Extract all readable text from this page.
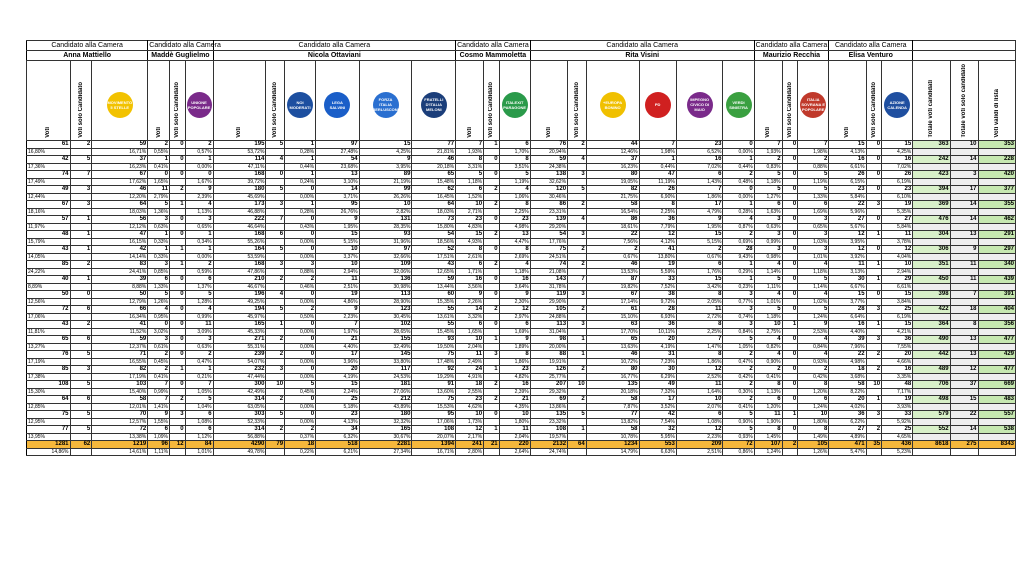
Candidato alla Camera			Candidato alla Camera			Candidato alla Camera						Candidato alla Camera			Candidato alla Camera						Candidato alla Camera			Candidato alla Camera					
Anna Mattiello			Maddè Guglielmo			Nicola Ottaviani						Cosmo Mammoletta			Rita Visini						Maurizio Recchia			Elisa Venturo					
Voti	Voti solo Candidato	MOVIMENTO 5 STELLE	Voti	Voti solo Candidato	UNIONE POPOLARE	Voti	Voti solo Candidato	NOI MODERATI	LEGA SALVINI	FORZA ITALIA BERLUSCONI	FRATELLI D'ITALIA MELONI	Voti	Voti solo Candidato	ITALEXIT PARAGONE	Voti	Voti solo Candidato	+EUROPA BONINO	PD	IMPEGNO CIVICO DI MAIO	VERDI SINISTRA	Voti	Voti solo Candidato	ITALIA SOVRANA E POPOLARE	Voti	Voti solo Candidato	AZIONE CALENDA	Totale voti candidati	Totale voti solo candidato	Voti validi di lista
61	2	59	2	0	2	195	5	1	97	15	77	7	1	6	76	2	44	7	23	0	7	0	7	15	0	15	363	10	353
16,80%		16,71%	0,55%		0,57%	53,72%		0,28%	27,48%	4,25%	21,81%	1,93%		1,70%	20,94%		12,46%	1,98%	6,52%	0,00%	1,93%		1,98%	4,13%		4,25%			
42	5	37	1	0	1	114	4	1	54	9	46	8	0	8	59	4	37	1	16	1	2	0	2	16	0	16	242	14	228
17,36%		16,23%	0,41%		0,00%	47,11%		0,44%	23,68%	3,95%	20,18%	3,31%		3,51%	24,38%		16,23%	0,44%	7,02%	0,44%	0,83%		0,88%	6,61%		7,02%			
74	7	67	0	0	0	168	0	1	13	89	65	5	0	5	138	3	80	47	6	2	5	0	5	26	0	26	423	3	420
17,49%		17,62%	1,65%		1,67%	39,72%		0,24%	3,10%	21,19%	15,48%	1,18%		1,19%	32,62%		19,05%	11,19%	1,43%	0,48%	1,18%		1,19%	6,15%		6,19%			
49	3	46	11	2	9	180	5	0	14	99	62	6	2	4	120	5	82	26	7	0	5	0	5	23	0	23	394	17	377
12,44%		12,20%	2,79%		2,39%	45,69%		0,00%	3,71%	26,26%	16,45%	1,52%		1,06%	30,46%		21,75%	6,90%	1,86%	0,00%	1,27%		1,33%	5,84%		6,10%			
67	3	64	5	1	4	173	3	1	95	10	64	10	2	8	86	2	58	8	17	1	6	0	6	22	3	19	369	14	355
18,16%		18,03%	1,36%		1,13%	46,88%		0,28%	26,76%	2,82%	18,03%	2,71%		2,25%	23,31%		16,54%	2,25%	4,79%	0,28%	1,63%		1,69%	5,96%		5,35%			
57	1	56	3	0	3	222	7	0	9	131	73	23	0	23	139	4	86	36	9	4	3	0	3	27	0	27	476	14	462
11,97%		12,12%	0,63%		0,65%	46,64%		0,43%	1,95%	28,35%	15,80%	4,83%		4,98%	29,20%		18,61%	7,79%	1,95%	0,87%	0,63%		0,65%	5,67%		5,84%			
48	1	47	1	0	1	168	6	0	15	93	54	15	2	13	54	3	22	12	15	2	3	0	3	12	1	11	304	13	291
15,79%		16,15%	0,33%		0,34%	55,26%		0,00%	5,15%	31,96%	18,56%	4,93%		4,47%	17,76%		7,56%	4,12%	5,15%	0,69%	0,99%		1,03%	3,95%		3,78%			
43	1	42	1	1	1	164	5	0	10	97	52	8	0	8	75	2	2	41	2	28	3	0	3	12	0	12	306	9	297
14,05%		14,14%	0,33%		0,00%	53,59%		0,00%	3,37%	32,66%	17,51%	2,61%		2,69%	24,51%		0,67%	13,80%	0,67%	9,43%	0,98%		1,01%	3,92%		4,04%			
85	2	83	3	1	2	168	3	3	10	109	43	6	2	4	74	2	46	19	6	1	4	0	4	11	1	10	351	11	340
24,22%		24,41%	0,85%		0,59%	47,86%		0,88%	2,94%	32,06%	12,65%	1,71%		1,18%	21,08%		13,53%	5,59%	1,76%	0,29%	1,14%		1,18%	3,13%		2,94%			
40	1	39	6	0	6	210	2	2	11	136	59	16	0	16	143	7	87	33	15	1	5	0	5	30	1	29	450	11	439
8,89%		8,88%	1,33%		1,37%	46,67%		0,46%	2,51%	30,98%	13,44%	3,56%		3,64%	31,78%		19,82%	7,52%	3,42%	0,23%	1,11%		1,14%	6,67%		6,61%			
50	0	50	5	0	5	196	4	0	19	113	60	9	0	9	119	3	67	38	8	3	4	0	4	15	0	15	398	7	391
12,56%		12,79%	1,26%		1,28%	49,25%		0,00%	4,86%	28,90%	15,35%	2,26%		2,30%	29,90%		17,14%	9,72%	2,05%	0,77%	1,01%		1,02%	3,77%		3,84%			
72	6	66	4	0	4	194	5	2	9	123	55	14	2	12	105	2	61	28	11	3	5	0	5	28	3	25	422	18	404
17,06%		16,34%	0,95%		0,99%	45,97%		0,50%	2,23%	30,45%	13,61%	3,32%		2,97%	24,88%		15,10%	6,93%	2,72%	0,74%	1,18%		1,24%	6,64%		6,19%			
43	2	41	0	0	11	165	1	0	7	102	55	6	0	6	113	3	63	36	8	3	10	1	9	16	1	15	364	8	356
11,81%		11,52%	3,02%		3,09%	45,33%		0,00%	1,97%	28,65%	15,45%	1,65%		1,69%	31,04%		17,70%	10,11%	2,25%	0,84%	2,75%		2,53%	4,40%		4,21%			
65	6	59	3	0	3	271	2	0	21	155	93	10	1	9	98	1	65	20	7	5	4	0	4	39	3	36	490	13	477
13,27%		12,37%	0,61%		0,63%	55,31%		0,00%	4,40%	32,49%	19,50%	2,04%		1,89%	20,00%		13,63%	4,19%	1,47%	1,05%	0,82%		0,84%	7,96%		7,55%			
76	5	71	2	0	2	239	2	0	17	145	75	11	3	8	88	1	46	31	8	2	4	0	4	22	2	20	442	13	429
17,19%		16,55%	0,45%		0,47%	54,07%		0,00%	3,96%	33,80%	17,48%	2,49%		1,86%	19,91%		10,72%	7,23%	1,86%	0,47%	0,90%		0,93%	4,98%		4,66%			
85	3	82	2	1	1	232	3	0	20	117	92	24	1	23	126	2	80	30	12	2	2	0	2	18	2	16	489	12	477
17,38%		17,19%	0,41%		0,21%	47,44%		0,00%	4,19%	24,53%	19,29%	4,91%		4,82%	25,77%		16,77%	6,29%	2,52%	0,42%	0,41%		0,42%	3,68%		3,35%			
108	5	103	7	0	7	300	10	5	15	181	91	18	2	16	207	10	135	49	11	2	8	0	8	58	10	48	706	37	669
15,30%		15,40%	0,99%		1,05%	42,49%		0,45%	2,24%	27,06%	13,60%	2,55%		2,39%	29,32%		20,18%	7,32%	1,64%	0,30%	1,13%		1,20%	8,22%		7,17%			
64	6	58	7	2	5	314	2	0	25	212	75	23	2	21	69	2	58	17	10	2	6	0	6	20	1	19	498	15	483
12,85%		12,01%	1,41%		1,04%	63,05%		0,00%	5,18%	43,89%	15,53%	4,62%		4,35%	13,86%		7,87%	3,52%	2,07%	0,41%	1,20%		1,24%	4,02%		3,93%			
75	5	70	9	3	6	303	5	0	23	180	95	10	0	10	135	5	77	42	6	5	11	1	10	36	3	33	579	22	557
12,95%		12,57%	1,55%		1,08%	52,33%		0,00%	4,13%	32,32%	17,06%	1,73%		1,80%	23,32%		13,82%	7,54%	1,08%	0,90%	1,90%		1,80%	6,22%		5,92%			
77	5	72	6	0	6	314	2	2	34	165	108	12	1	11	108	1	58	32	12	5	8	0	8	27	2	25	552	14	538
13,95%		13,38%	1,09%		1,12%	56,88%		0,37%	6,32%	30,67%	20,07%	2,17%		2,04%	19,57%		10,78%	5,95%	2,23%	0,93%	1,45%		1,49%	4,89%		4,65%			
1281	62	1219	96	12	84	4290	79	18	518	2281	1394	241	21	220	2132	64	1234	553	209	72	107	2	105	471	35	436	8618	275	8343
14,86%		14,61%	1,11%		1,01%	49,78%		0,22%	6,21%	27,34%	16,71%	2,80%		2,64%	24,74%		14,79%	6,63%	2,51%	0,86%	1,24%		1,26%	5,47%		5,23%			
